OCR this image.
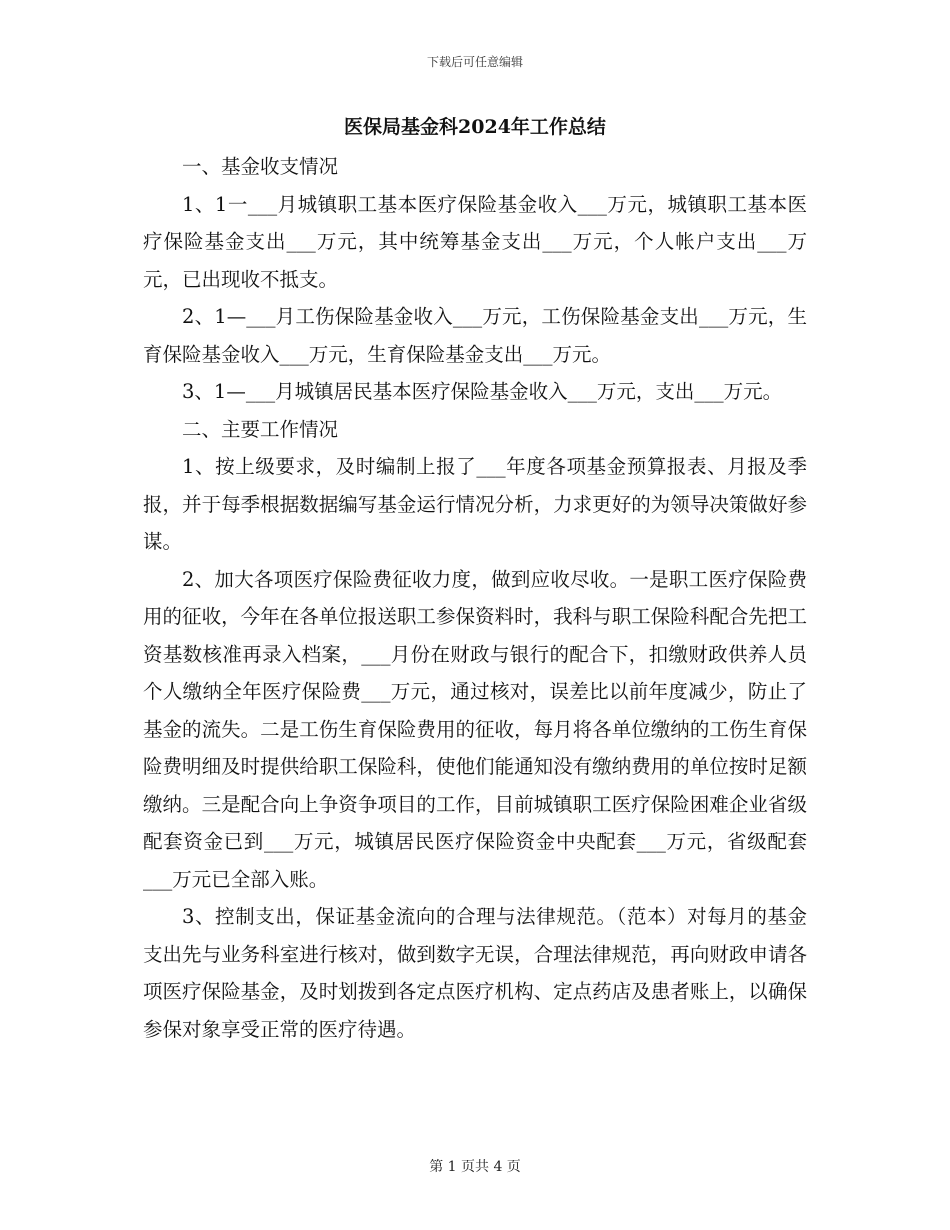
下载后可任意编辑
医保局基金科2024年工作总结

一、基金收支情况

1、1一___月城镇职工基本医疗保险基金收入___万元，城镇职工基本医疗保险基金支出___万元，其中统筹基金支出___万元，个人帐户支出___万元，已出现收不抵支。

2、1—___月工伤保险基金收入___万元，工伤保险基金支出___万元，生育保险基金收入___万元，生育保险基金支出___万元。

3、1—___月城镇居民基本医疗保险基金收入___万元，支出___万元。

二、主要工作情况

1、按上级要求，及时编制上报了___年度各项基金预算报表、月报及季报，并于每季根据数据编写基金运行情况分析，力求更好的为领导决策做好参谋。

2、加大各项医疗保险费征收力度，做到应收尽收。一是职工医疗保险费用的征收，今年在各单位报送职工参保资料时，我科与职工保险科配合先把工资基数核准再录入档案，___月份在财政与银行的配合下，扣缴财政供养人员个人缴纳全年医疗保险费___万元，通过核对，误差比以前年度减少，防止了基金的流失。二是工伤生育保险费用的征收，每月将各单位缴纳的工伤生育保险费明细及时提供给职工保险科，使他们能通知没有缴纳费用的单位按时足额缴纳。三是配合向上争资争项目的工作，目前城镇职工医疗保险困难企业省级配套资金已到___万元，城镇居民医疗保险资金中央配套___万元，省级配套___万元已全部入账。

3、控制支出，保证基金流向的合理与法律规范。（范本）对每月的基金支出先与业务科室进行核对，做到数字无误，合理法律规范，再向财政申请各项医疗保险基金，及时划拨到各定点医疗机构、定点药店及患者账上，以确保参保对象享受正常的医疗待遇。

第 1 页共 4 页
